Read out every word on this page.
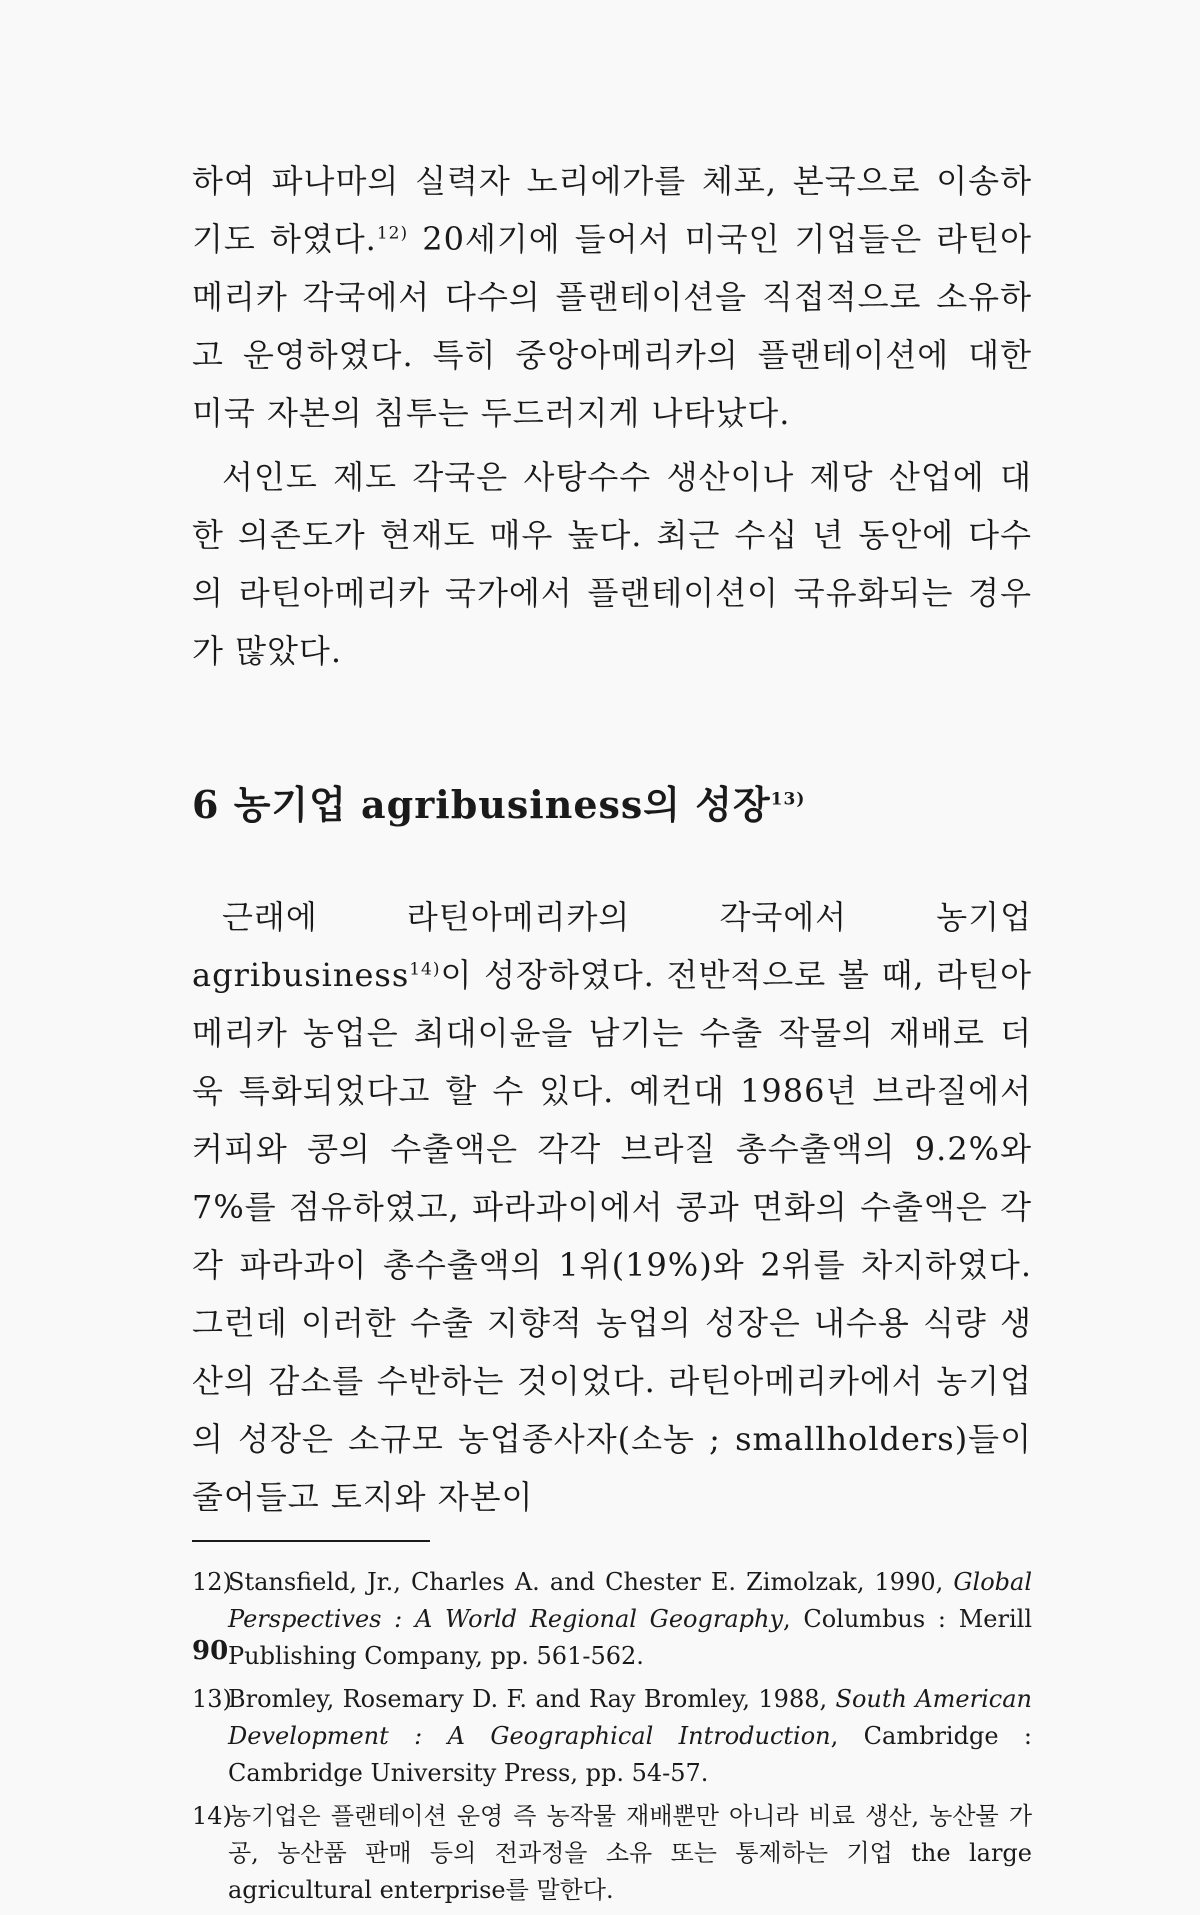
하여 파나마의 실력자 노리에가를 체포, 본국으로 이송하기도 하였다.$^{12)}$ 20세기에 들어서 미국인 기업들은 라틴아메리카 각국에서 다수의 플랜테이션을 직접적으로 소유하고 운영하였다. 특히 중앙아메리카의 플랜테이션에 대한 미국 자본의 침투는 두드러지게 나타났다.

서인도 제도 각국은 사탕수수 생산이나 제당 산업에 대한 의존도가 현재도 매우 높다. 최근 수십 년 동안에 다수의 라틴아메리카 국가에서 플랜테이션이 국유화되는 경우가 많았다.

6 농기업 agribusiness의 성장$^{13)}$

근래에 라틴아메리카의 각국에서 농기업 agribusiness$^{14)}$이 성장하였다. 전반적으로 볼 때, 라틴아메리카 농업은 최대이윤을 남기는 수출 작물의 재배로 더욱 특화되었다고 할 수 있다. 예컨대 1986년 브라질에서 커피와 콩의 수출액은 각각 브라질 총수출액의 9.2%와 7%를 점유하였고, 파라과이에서 콩과 면화의 수출액은 각각 파라과이 총수출액의 1위(19%)와 2위를 차지하였다. 그런데 이러한 수출 지향적 농업의 성장은 내수용 식량 생산의 감소를 수반하는 것이었다. 라틴아메리카에서 농기업의 성장은 소규모 농업종사자(소농 ; smallholders)들이 줄어들고 토지와 자본이

12)
Stansfield, Jr., Charles A. and Chester E. Zimolzak, 1990, Global Perspectives : A World Regional Geography, Columbus : Merill Publishing Company, pp. 561-562.
13)
Bromley, Rosemary D. F. and Ray Bromley, 1988, South American Development : A Geographical Introduction, Cambridge : Cambridge University Press, pp. 54-57.
14)
농기업은 플랜테이션 운영 즉 농작물 재배뿐만 아니라 비료 생산, 농산물 가공, 농산품 판매 등의 전과정을 소유 또는 통제하는 기업 the large agricultural enterprise를 말한다.
90
